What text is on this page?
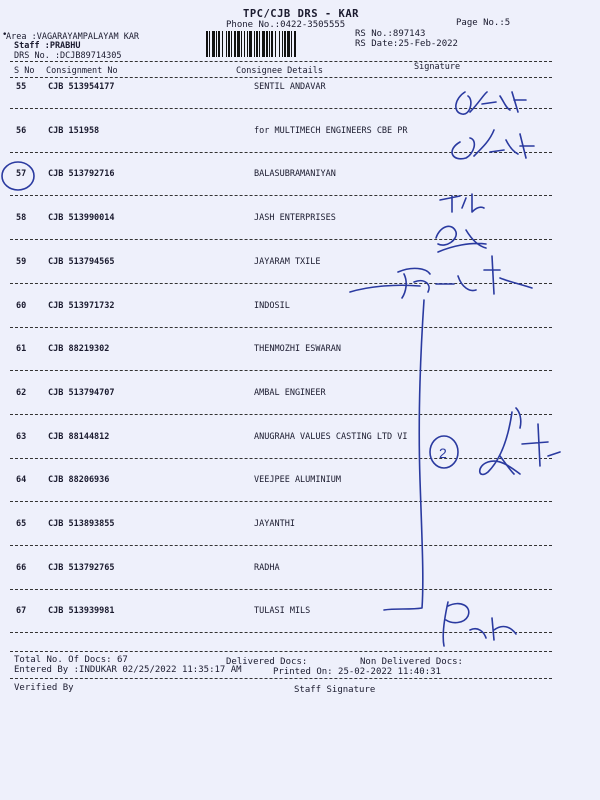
TPC/CJB DRS - KAR
Phone No.:0422-3505555	Page No.:5
•
Area :VAGARAYAMPALAYAM KAR
Staff :PRABHU
DRS No. :DCJB89714305
RS No.:897143
RS Date:25-Feb-2022
S No Consignment No	Consignee Details	Signature
55	CJB 513954177	SENTIL ANDAVAR
56	CJB 151958	for MULTIMECH ENGINEERS CBE PR
57	CJB 513792716	BALASUBRAMANIYAN
58	CJB 513990014	JASH ENTERPRISES
59	CJB 513794565	JAYARAM TXILE
60	CJB 513971732	INDOSIL
61	CJB 88219302	THENMOZHI ESWARAN
62	CJB 513794707	AMBAL ENGINEER
63	CJB 88144812	ANUGRAHA VALUES CASTING LTD VI
64	CJB 88206936	VEEJPEE ALUMINIUM
65	CJB 513893855	JAYANTHI
66	CJB 513792765	RADHA
67	CJB 513939981	TULASI MILS
Total No. Of Docs: 67	Delivered Docs:	Non Delivered Docs:
Entered By :INDUKAR 02/25/2022 11:35:17 AM	Printed On: 25-02-2022 11:40:31
Verified By	Staff Signature
2
